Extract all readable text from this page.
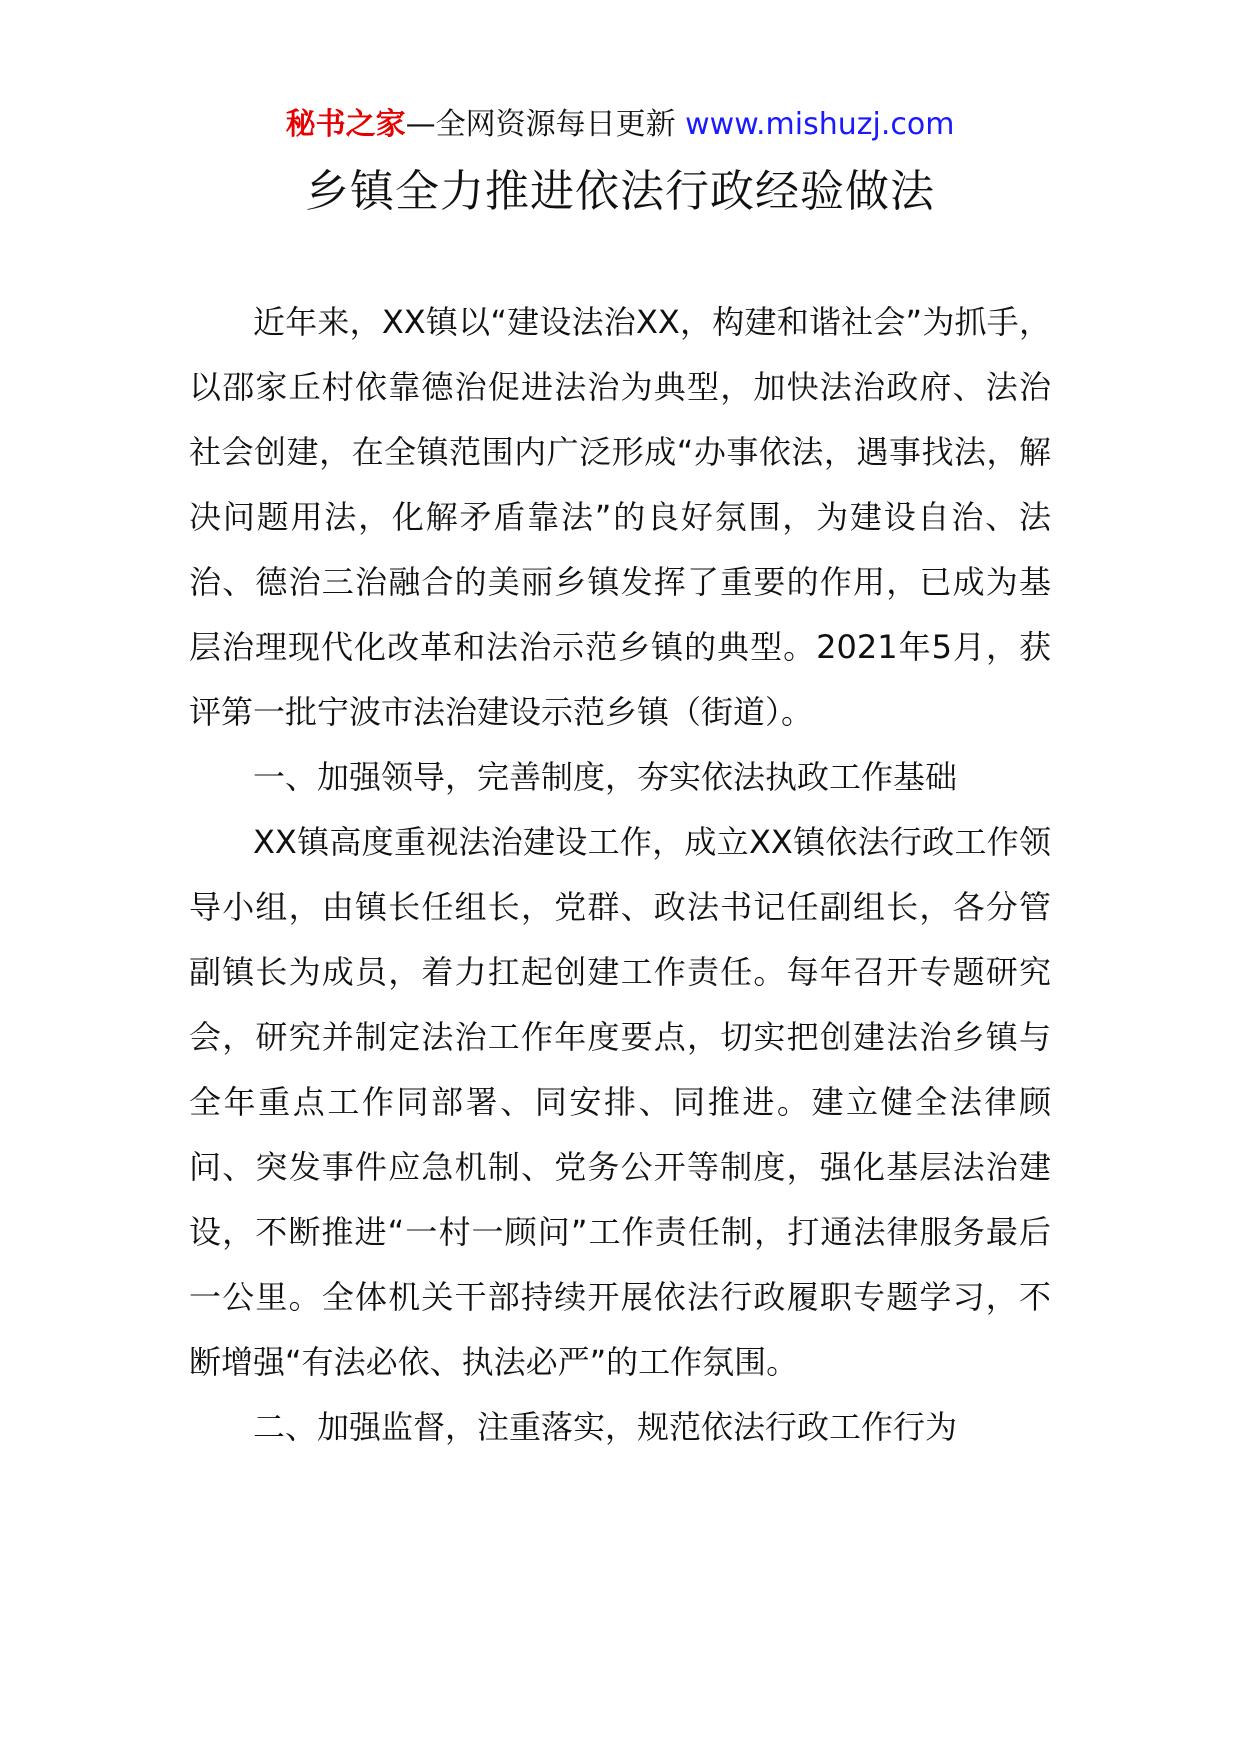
秘书之家—全网资源每日更新 www.mishuzj.com
乡镇全力推进依法行政经验做法

近年来，XX镇以“建设法治XX，构建和谐社会”为抓手，以邵家丘村依靠德治促进法治为典型，加快法治政府、法治社会创建，在全镇范围内广泛形成“办事依法，遇事找法，解决问题用法，化解矛盾靠法”的良好氛围，为建设自治、法治、德治三治融合的美丽乡镇发挥了重要的作用，已成为基层治理现代化改革和法治示范乡镇的典型。2021年5月，获评第一批宁波市法治建设示范乡镇（街道）。

一、加强领导，完善制度，夯实依法执政工作基础

XX镇高度重视法治建设工作，成立XX镇依法行政工作领导小组，由镇长任组长，党群、政法书记任副组长，各分管副镇长为成员，着力扛起创建工作责任。每年召开专题研究会，研究并制定法治工作年度要点，切实把创建法治乡镇与全年重点工作同部署、同安排、同推进。建立健全法律顾问、突发事件应急机制、党务公开等制度，强化基层法治建设，不断推进“一村一顾问”工作责任制，打通法律服务最后一公里。全体机关干部持续开展依法行政履职专题学习，不断增强“有法必依、执法必严”的工作氛围。

二、加强监督，注重落实，规范依法行政工作行为
